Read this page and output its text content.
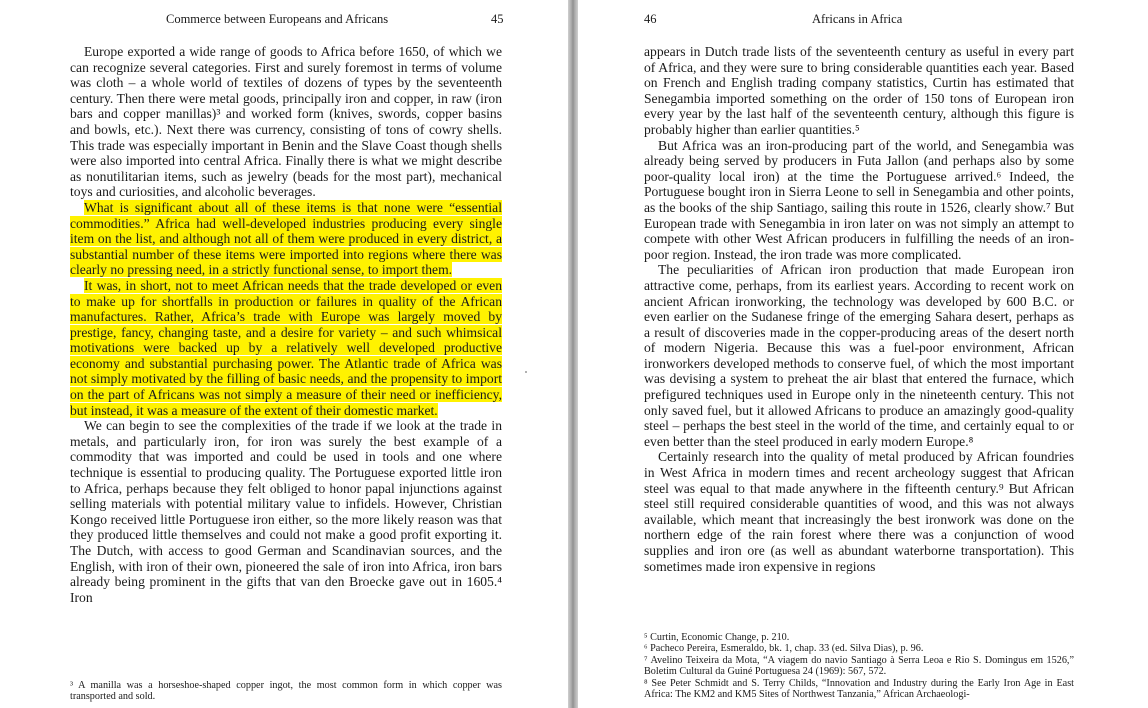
Commerce between Europeans and Africans	45

Europe exported a wide range of goods to Africa before 1650, of which we can recognize several categories. First and surely foremost in terms of volume was cloth – a whole world of textiles of dozens of types by the seventeenth century. Then there were metal goods, principally iron and copper, in raw (iron bars and copper manillas)³ and worked form (knives, swords, copper basins and bowls, etc.). Next there was currency, consisting of tons of cowry shells. This trade was especially important in Benin and the Slave Coast though shells were also imported into central Africa. Finally there is what we might describe as nonutilitarian items, such as jewelry (beads for the most part), mechanical toys and curiosities, and alcoholic beverages.

What is significant about all of these items is that none were “essential commodities.” Africa had well-developed industries producing every single item on the list, and although not all of them were produced in every district, a substantial number of these items were imported into regions where there was clearly no pressing need, in a strictly functional sense, to import them.

It was, in short, not to meet African needs that the trade developed or even to make up for shortfalls in production or failures in quality of the African manufactures. Rather, Africa’s trade with Europe was largely moved by prestige, fancy, changing taste, and a desire for variety – and such whimsical motivations were backed up by a relatively well developed productive economy and substantial purchasing power. The Atlantic trade of Africa was not simply motivated by the filling of basic needs, and the propensity to import on the part of Africans was not simply a measure of their need or inefficiency, but instead, it was a measure of the extent of their domestic market.

We can begin to see the complexities of the trade if we look at the trade in metals, and particularly iron, for iron was surely the best example of a commodity that was imported and could be used in tools and one where technique is essential to producing quality. The Portuguese exported little iron to Africa, perhaps because they felt obliged to honor papal injunctions against selling materials with potential military value to infidels. However, Christian Kongo received little Portuguese iron either, so the more likely reason was that they produced little themselves and could not make a good profit exporting it. The Dutch, with access to good German and Scandinavian sources, and the English, with iron of their own, pioneered the sale of iron into Africa, iron bars already being prominent in the gifts that van den Broecke gave out in 1605.⁴ Iron

³ A manilla was a horseshoe-shaped copper ingot, the most common form in which copper was transported and sold.

46	Africans in Africa

appears in Dutch trade lists of the seventeenth century as useful in every part of Africa, and they were sure to bring considerable quantities each year. Based on French and English trading company statistics, Curtin has estimated that Senegambia imported something on the order of 150 tons of European iron every year by the last half of the seventeenth century, although this figure is probably higher than earlier quantities.⁵

But Africa was an iron-producing part of the world, and Senegambia was already being served by producers in Futa Jallon (and perhaps also by some poor-quality local iron) at the time the Portuguese arrived.⁶ Indeed, the Portuguese bought iron in Sierra Leone to sell in Senegambia and other points, as the books of the ship Santiago, sailing this route in 1526, clearly show.⁷ But European trade with Senegambia in iron later on was not simply an attempt to compete with other West African producers in fulfilling the needs of an iron-poor region. Instead, the iron trade was more complicated.

The peculiarities of African iron production that made European iron attractive come, perhaps, from its earliest years. According to recent work on ancient African ironworking, the technology was developed by 600 B.C. or even earlier on the Sudanese fringe of the emerging Sahara desert, perhaps as a result of discoveries made in the copper-producing areas of the desert north of modern Nigeria. Because this was a fuel-poor environment, African ironworkers developed methods to conserve fuel, of which the most important was devising a system to preheat the air blast that entered the furnace, which prefigured techniques used in Europe only in the nineteenth century. This not only saved fuel, but it allowed Africans to produce an amazingly good-quality steel – perhaps the best steel in the world of the time, and certainly equal to or even better than the steel produced in early modern Europe.⁸

Certainly research into the quality of metal produced by African foundries in West Africa in modern times and recent archeology suggest that African steel was equal to that made anywhere in the fifteenth century.⁹ But African steel still required considerable quantities of wood, and this was not always available, which meant that increasingly the best ironwork was done on the northern edge of the rain forest where there was a conjunction of wood supplies and iron ore (as well as abundant waterborne transportation). This sometimes made iron expensive in regions

⁵ Curtin, Economic Change, p. 210.

⁶ Pacheco Pereira, Esmeraldo, bk. 1, chap. 33 (ed. Silva Dias), p. 96.

⁷ Avelino Teixeira da Mota, “A viagem do navio Santiago à Serra Leoa e Rio S. Domingus em 1526,” Boletim Cultural da Guiné Portuguesa 24 (1969): 567, 572.

⁸ See Peter Schmidt and S. Terry Childs, “Innovation and Industry during the Early Iron Age in East Africa: The KM2 and KM5 Sites of Northwest Tanzania,” African Archaeologi-
